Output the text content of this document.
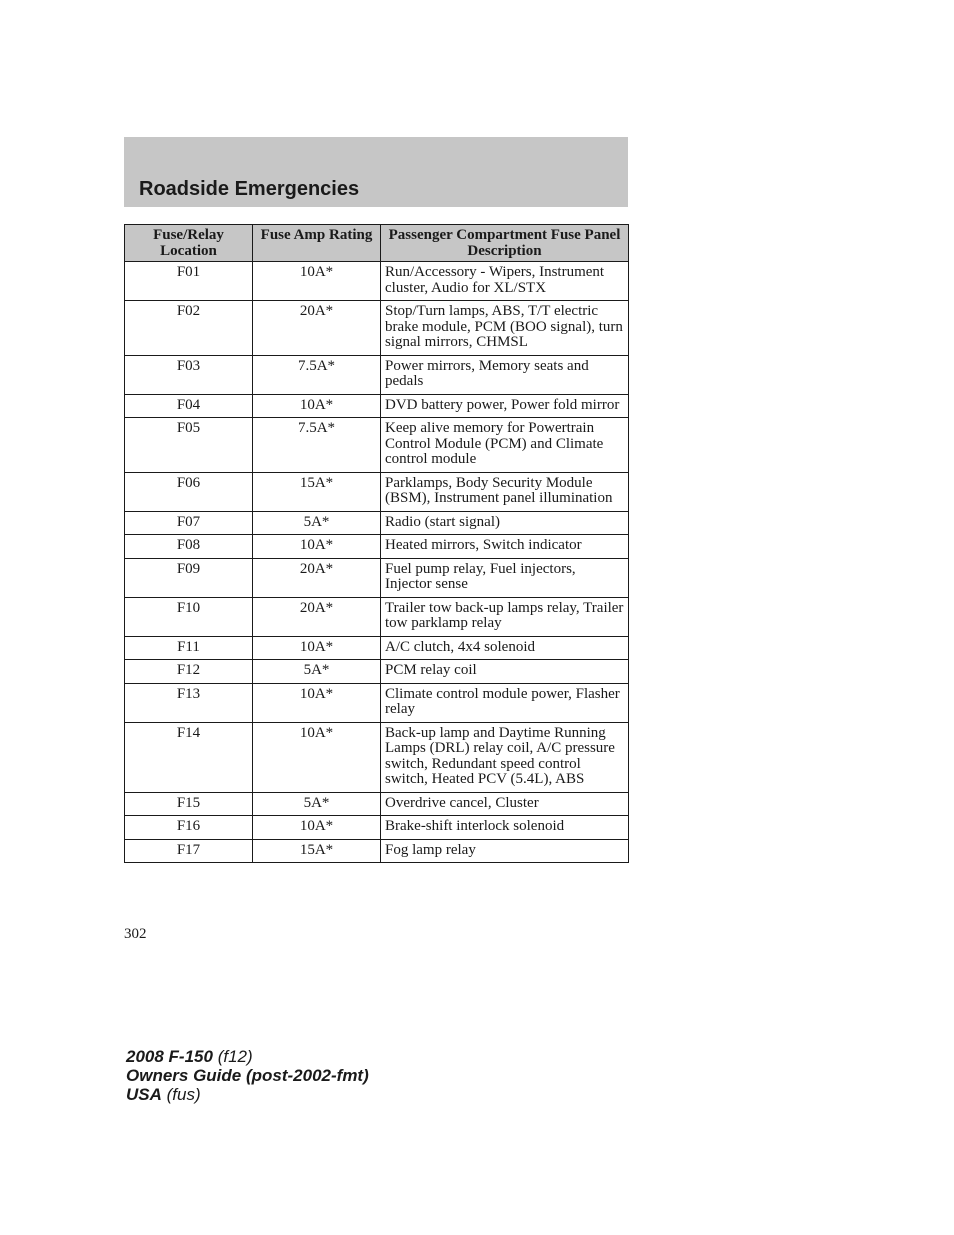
Roadside Emergencies
Fuse/Relay Location	Fuse Amp Rating	Passenger Compartment Fuse Panel Description
F01	10A*	Run/Accessory - Wipers, Instrument cluster, Audio for XL/STX
F02	20A*	Stop/Turn lamps, ABS, T/T electric brake module, PCM (BOO signal), turn signal mirrors, CHMSL
F03	7.5A*	Power mirrors, Memory seats and pedals
F04	10A*	DVD battery power, Power fold mirror
F05	7.5A*	Keep alive memory for Powertrain Control Module (PCM) and Climate control module
F06	15A*	Parklamps, Body Security Module (BSM), Instrument panel illumination
F07	5A*	Radio (start signal)
F08	10A*	Heated mirrors, Switch indicator
F09	20A*	Fuel pump relay, Fuel injectors, Injector sense
F10	20A*	Trailer tow back-up lamps relay, Trailer tow parklamp relay
F11	10A*	A/C clutch, 4x4 solenoid
F12	5A*	PCM relay coil
F13	10A*	Climate control module power, Flasher relay
F14	10A*	Back-up lamp and Daytime Running Lamps (DRL) relay coil, A/C pressure switch, Redundant speed control switch, Heated PCV (5.4L), ABS
F15	5A*	Overdrive cancel, Cluster
F16	10A*	Brake-shift interlock solenoid
F17	15A*	Fog lamp relay
302
2008 F-150 (f12)
Owners Guide (post-2002-fmt)
USA (fus)
